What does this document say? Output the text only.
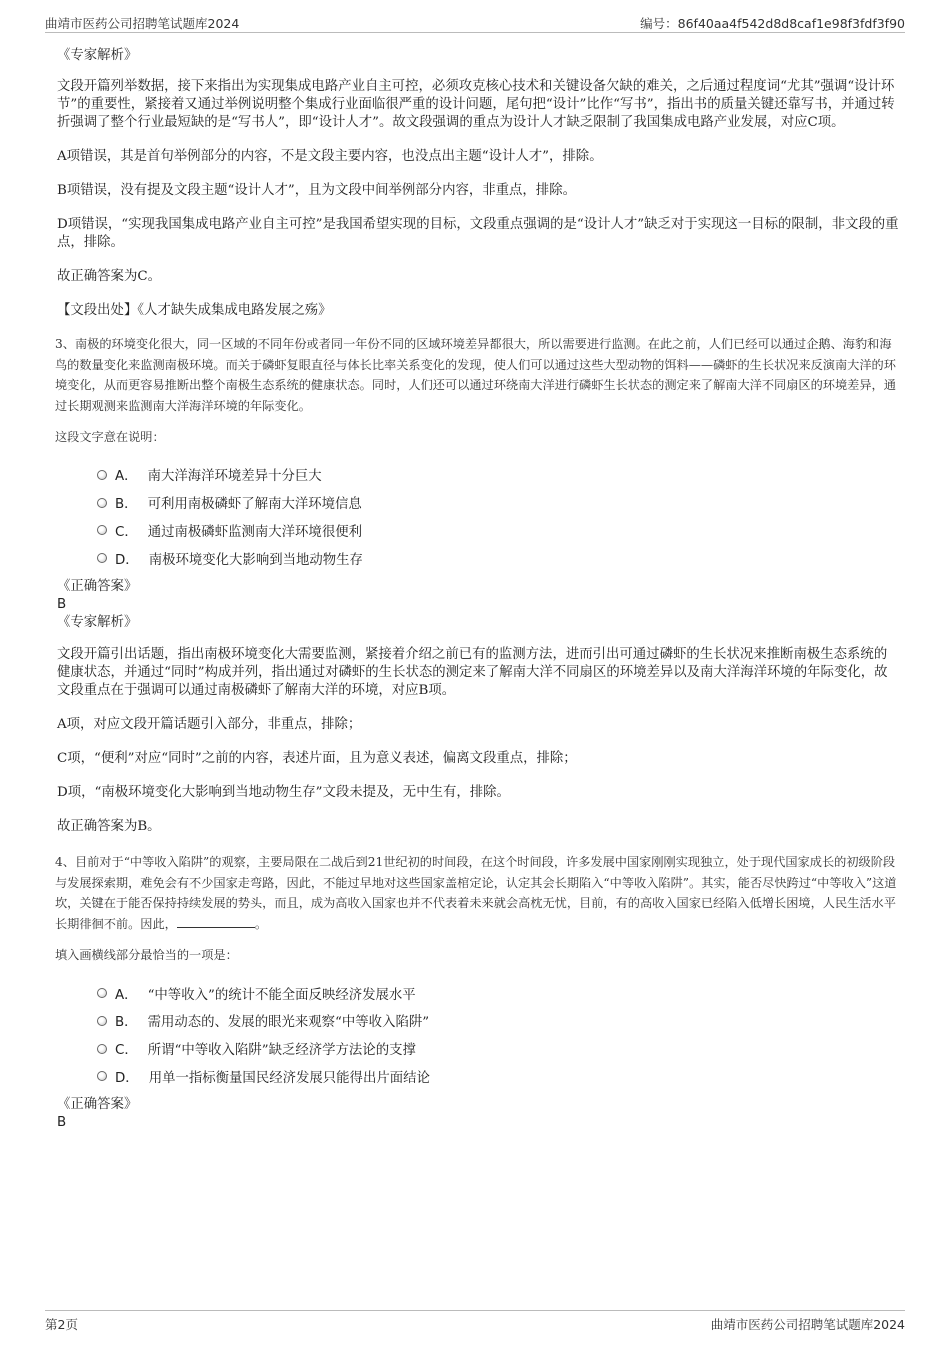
曲靖市医药公司招聘笔试题库2024	编号：86f40aa4f542d8d8caf1e98f3fdf3f90

《专家解析》

文段开篇列举数据，接下来指出为实现集成电路产业自主可控，必须攻克核心技术和关键设备欠缺的难关，之后通过程度词“尤其”强调“设计环节”的重要性，紧接着又通过举例说明整个集成行业面临很严重的设计问题，尾句把“设计”比作“写书”，指出书的质量关键还靠写书，并通过转折强调了整个行业最短缺的是“写书人”，即“设计人才”。故文段强调的重点为设计人才缺乏限制了我国集成电路产业发展，对应C项。

A项错误，其是首句举例部分的内容，不是文段主要内容，也没点出主题“设计人才”，排除。

B项错误，没有提及文段主题“设计人才”，且为文段中间举例部分内容，非重点，排除。

D项错误，“实现我国集成电路产业自主可控”是我国希望实现的目标，文段重点强调的是“设计人才”缺乏对于实现这一目标的限制，非文段的重点，排除。

故正确答案为C。

【文段出处】《人才缺失成集成电路发展之殇》

3、南极的环境变化很大，同一区域的不同年份或者同一年份不同的区域环境差异都很大，所以需要进行监测。在此之前，人们已经可以通过企鹅、海豹和海鸟的数量变化来监测南极环境。而关于磷虾复眼直径与体长比率关系变化的发现，使人们可以通过这些大型动物的饵料——磷虾的生长状况来反演南大洋的环境变化，从而更容易推断出整个南极生态系统的健康状态。同时，人们还可以通过环绕南大洋进行磷虾生长状态的测定来了解南大洋不同扇区的环境差异，通过长期观测来监测南大洋海洋环境的年际变化。

这段文字意在说明：

A． 南大洋海洋环境差异十分巨大
B． 可利用南极磷虾了解南大洋环境信息
C． 通过南极磷虾监测南大洋环境很便利
D． 南极环境变化大影响到当地动物生存

《正确答案》

B

《专家解析》

文段开篇引出话题，指出南极环境变化大需要监测，紧接着介绍之前已有的监测方法，进而引出可通过磷虾的生长状况来推断南极生态系统的健康状态，并通过“同时”构成并列，指出通过对磷虾的生长状态的测定来了解南大洋不同扇区的环境差异以及南大洋海洋环境的年际变化，故文段重点在于强调可以通过南极磷虾了解南大洋的环境，对应B项。

A项，对应文段开篇话题引入部分，非重点，排除；

C项，“便利”对应“同时”之前的内容，表述片面，且为意义表述，偏离文段重点，排除；

D项，“南极环境变化大影响到当地动物生存”文段未提及，无中生有，排除。

故正确答案为B。

4、目前对于“中等收入陷阱”的观察，主要局限在二战后到21世纪初的时间段，在这个时间段，许多发展中国家刚刚实现独立，处于现代国家成长的初级阶段与发展探索期，难免会有不少国家走弯路，因此，不能过早地对这些国家盖棺定论，认定其会长期陷入“中等收入陷阱”。其实，能否尽快跨过“中等收入”这道坎，关键在于能否保持持续发展的势头，而且，成为高收入国家也并不代表着未来就会高枕无忧，目前，有的高收入国家已经陷入低增长困境，人民生活水平长期徘徊不前。因此，	。

填入画横线部分最恰当的一项是：

A． “中等收入”的统计不能全面反映经济发展水平
B． 需用动态的、发展的眼光来观察“中等收入陷阱”
C． 所谓“中等收入陷阱”缺乏经济学方法论的支撑
D． 用单一指标衡量国民经济发展只能得出片面结论

《正确答案》

B

第2页	曲靖市医药公司招聘笔试题库2024
